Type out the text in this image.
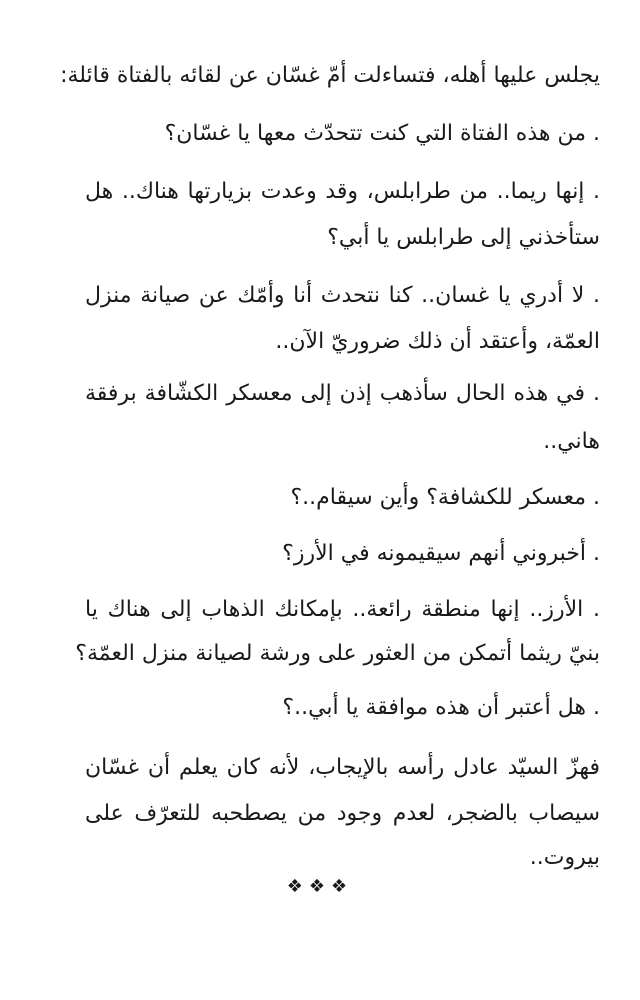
يجلس عليها أهله، فتساءلت أمّ غسّان عن لقائه بالفتاة قائلة:
. من هذه الفتاة التي كنت تتحدّث معها يا غسّان؟
. إنها ريما.. من طرابلس، وقد وعدت بزيارتها هناك.. هل
ستأخذني إلى طرابلس يا أبي؟
. لا أدري يا غسان.. كنا نتحدث أنا وأمّك عن صيانة منزل
العمّة، وأعتقد أن ذلك ضروريّ الآن..
. في هذه الحال سأذهب إذن إلى معسكر الكشّافة برفقة
هاني..
. معسكر للكشافة؟ وأين سيقام..؟
. أخبروني أنهم سيقيمونه في الأرز؟
. الأرز.. إنها منطقة رائعة.. بإمكانك الذهاب إلى هناك يا
بنيّ ريثما أتمكن من العثور على ورشة لصيانة منزل العمّة؟
. هل أعتبر أن هذه موافقة يا أبي..؟
فهزّ السيّد عادل رأسه بالإيجاب، لأنه كان يعلم أن غسّان
سيصاب بالضجر، لعدم وجود من يصطحبه للتعرّف على
بيروت..
❖❖❖
